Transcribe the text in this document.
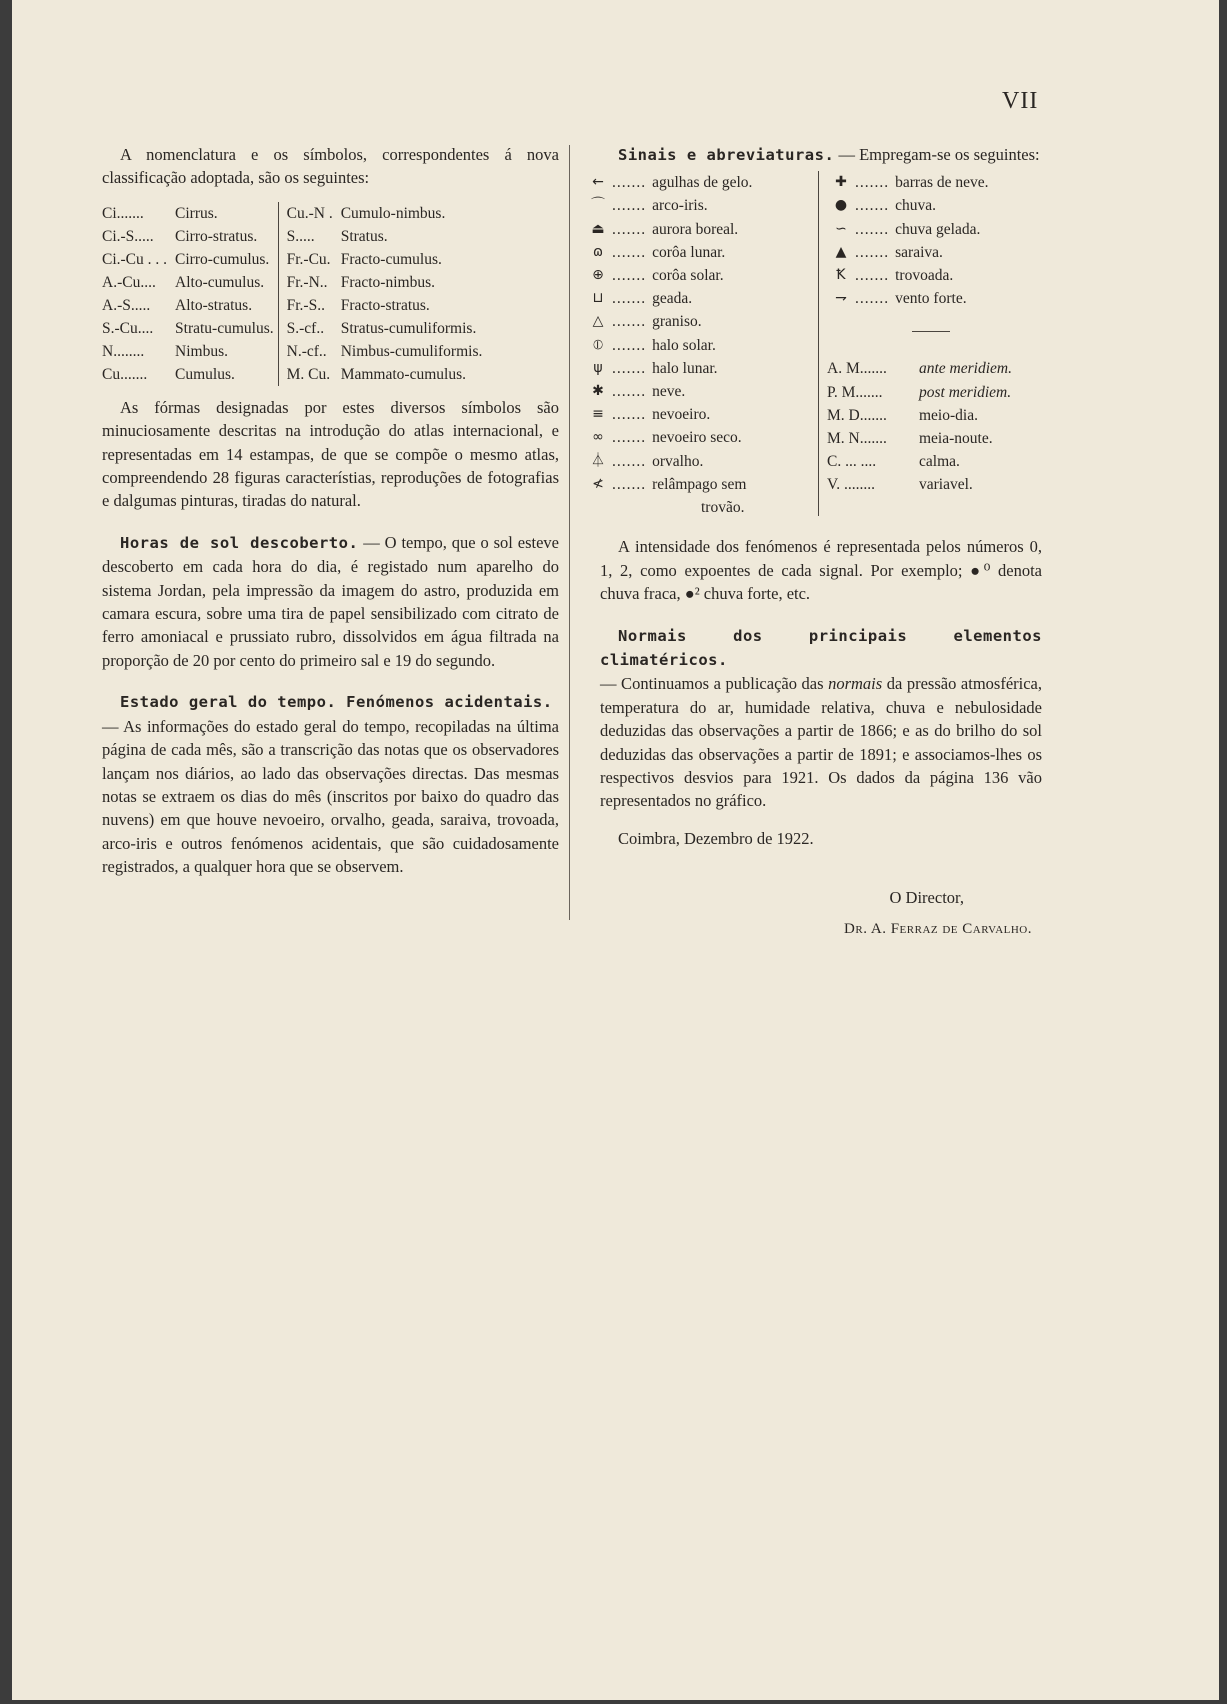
VII

A nomenclatura e os símbolos, correspondentes á nova classificação adoptada, são os seguintes:

Ci.......	Cirrus.	Cu.-N .	Cumulo-nimbus.
Ci.-S.....	Cirro-stratus.	S.....	Stratus.
Ci.-Cu . . .	Cirro-cumulus.	Fr.-Cu.	Fracto-cumulus.
A.-Cu....	Alto-cumulus.	Fr.-N..	Fracto-nimbus.
A.-S.....	Alto-stratus.	Fr.-S..	Fracto-stratus.
S.-Cu....	Stratu-cumulus.	S.-cf..	Stratus-cumuliformis.
N........	Nimbus.	N.-cf..	Nimbus-cumuliformis.
Cu.......	Cumulus.	M. Cu.	Mammato-cumulus.

As fórmas designadas por estes diversos símbolos são minuciosamente descritas na introdução do atlas internacional, e representadas em 14 estampas, de que se compõe o mesmo atlas, compreendendo 28 figuras característias, reproduções de fotografias e dalgumas pinturas, tiradas do natural.

Horas de sol descoberto. — O tempo, que o sol esteve descoberto em cada hora do dia, é registado num aparelho do sistema Jordan, pela impressão da imagem do astro, produzida em camara escura, sobre uma tira de papel sensibilizado com citrato de ferro amoniacal e prussiato rubro, dissolvidos em água filtrada na proporção de 20 por cento do primeiro sal e 19 do segundo.

Estado geral do tempo. Fenómenos acidentais.
— As informações do estado geral do tempo, recopiladas na última página de cada mês, são a transcrição das notas que os observadores lançam nos diários, ao lado das observações directas. Das mesmas notas se extraem os dias do mês (inscritos por baixo do quadro das nuvens) em que houve nevoeiro, orvalho, geada, saraiva, trovoada, arco-iris e outros fenómenos acidentais, que são cuidadosamente registrados, a qualquer hora que se observem.

Sinais e abreviaturas. — Empregam-se os seguintes:

← ....... agulhas de gelo.
⌒ ....... arco-iris.
⏏ ....... aurora boreal.
ɷ ....... corôa lunar.
⊕ ....... corôa solar.
⊔ ....... geada.
△ ....... graniso.
⦶ ....... halo solar.
ψ ....... halo lunar.
✱ ....... neve.
≡ ....... nevoeiro.
∞ ....... nevoeiro seco.
⏃ ....... orvalho.
≮ ....... relâmpago sem
trovão.
✚ ....... barras de neve.
● ....... chuva.
∽ ....... chuva gelada.
▲ ....... saraiva.
Ꝁ ....... trovoada.
⇁ ....... vento forte.
A. M.......	ante meridiem.
P. M.......	post meridiem.
M. D.......	meio-dia.
M. N.......	meia-noute.
C. ... ....	calma.
V. ........	variavel.

A intensidade dos fenómenos é representada pelos números 0, 1, 2, como expoentes de cada signal. Por exemplo; ●⁰ denota chuva fraca, ●² chuva forte, etc.

Normais dos principais elementos climatéricos.
— Continuamos a publicação das normais da pressão atmosférica, temperatura do ar, humidade relativa, chuva e nebulosidade deduzidas das observações a partir de 1866; e as do brilho do sol deduzidas das observações a partir de 1891; e associamos-lhes os respectivos desvios para 1921. Os dados da página 136 vão representados no gráfico.

Coimbra, Dezembro de 1922.

O Director,
Dr. A. Ferraz de Carvalho.
